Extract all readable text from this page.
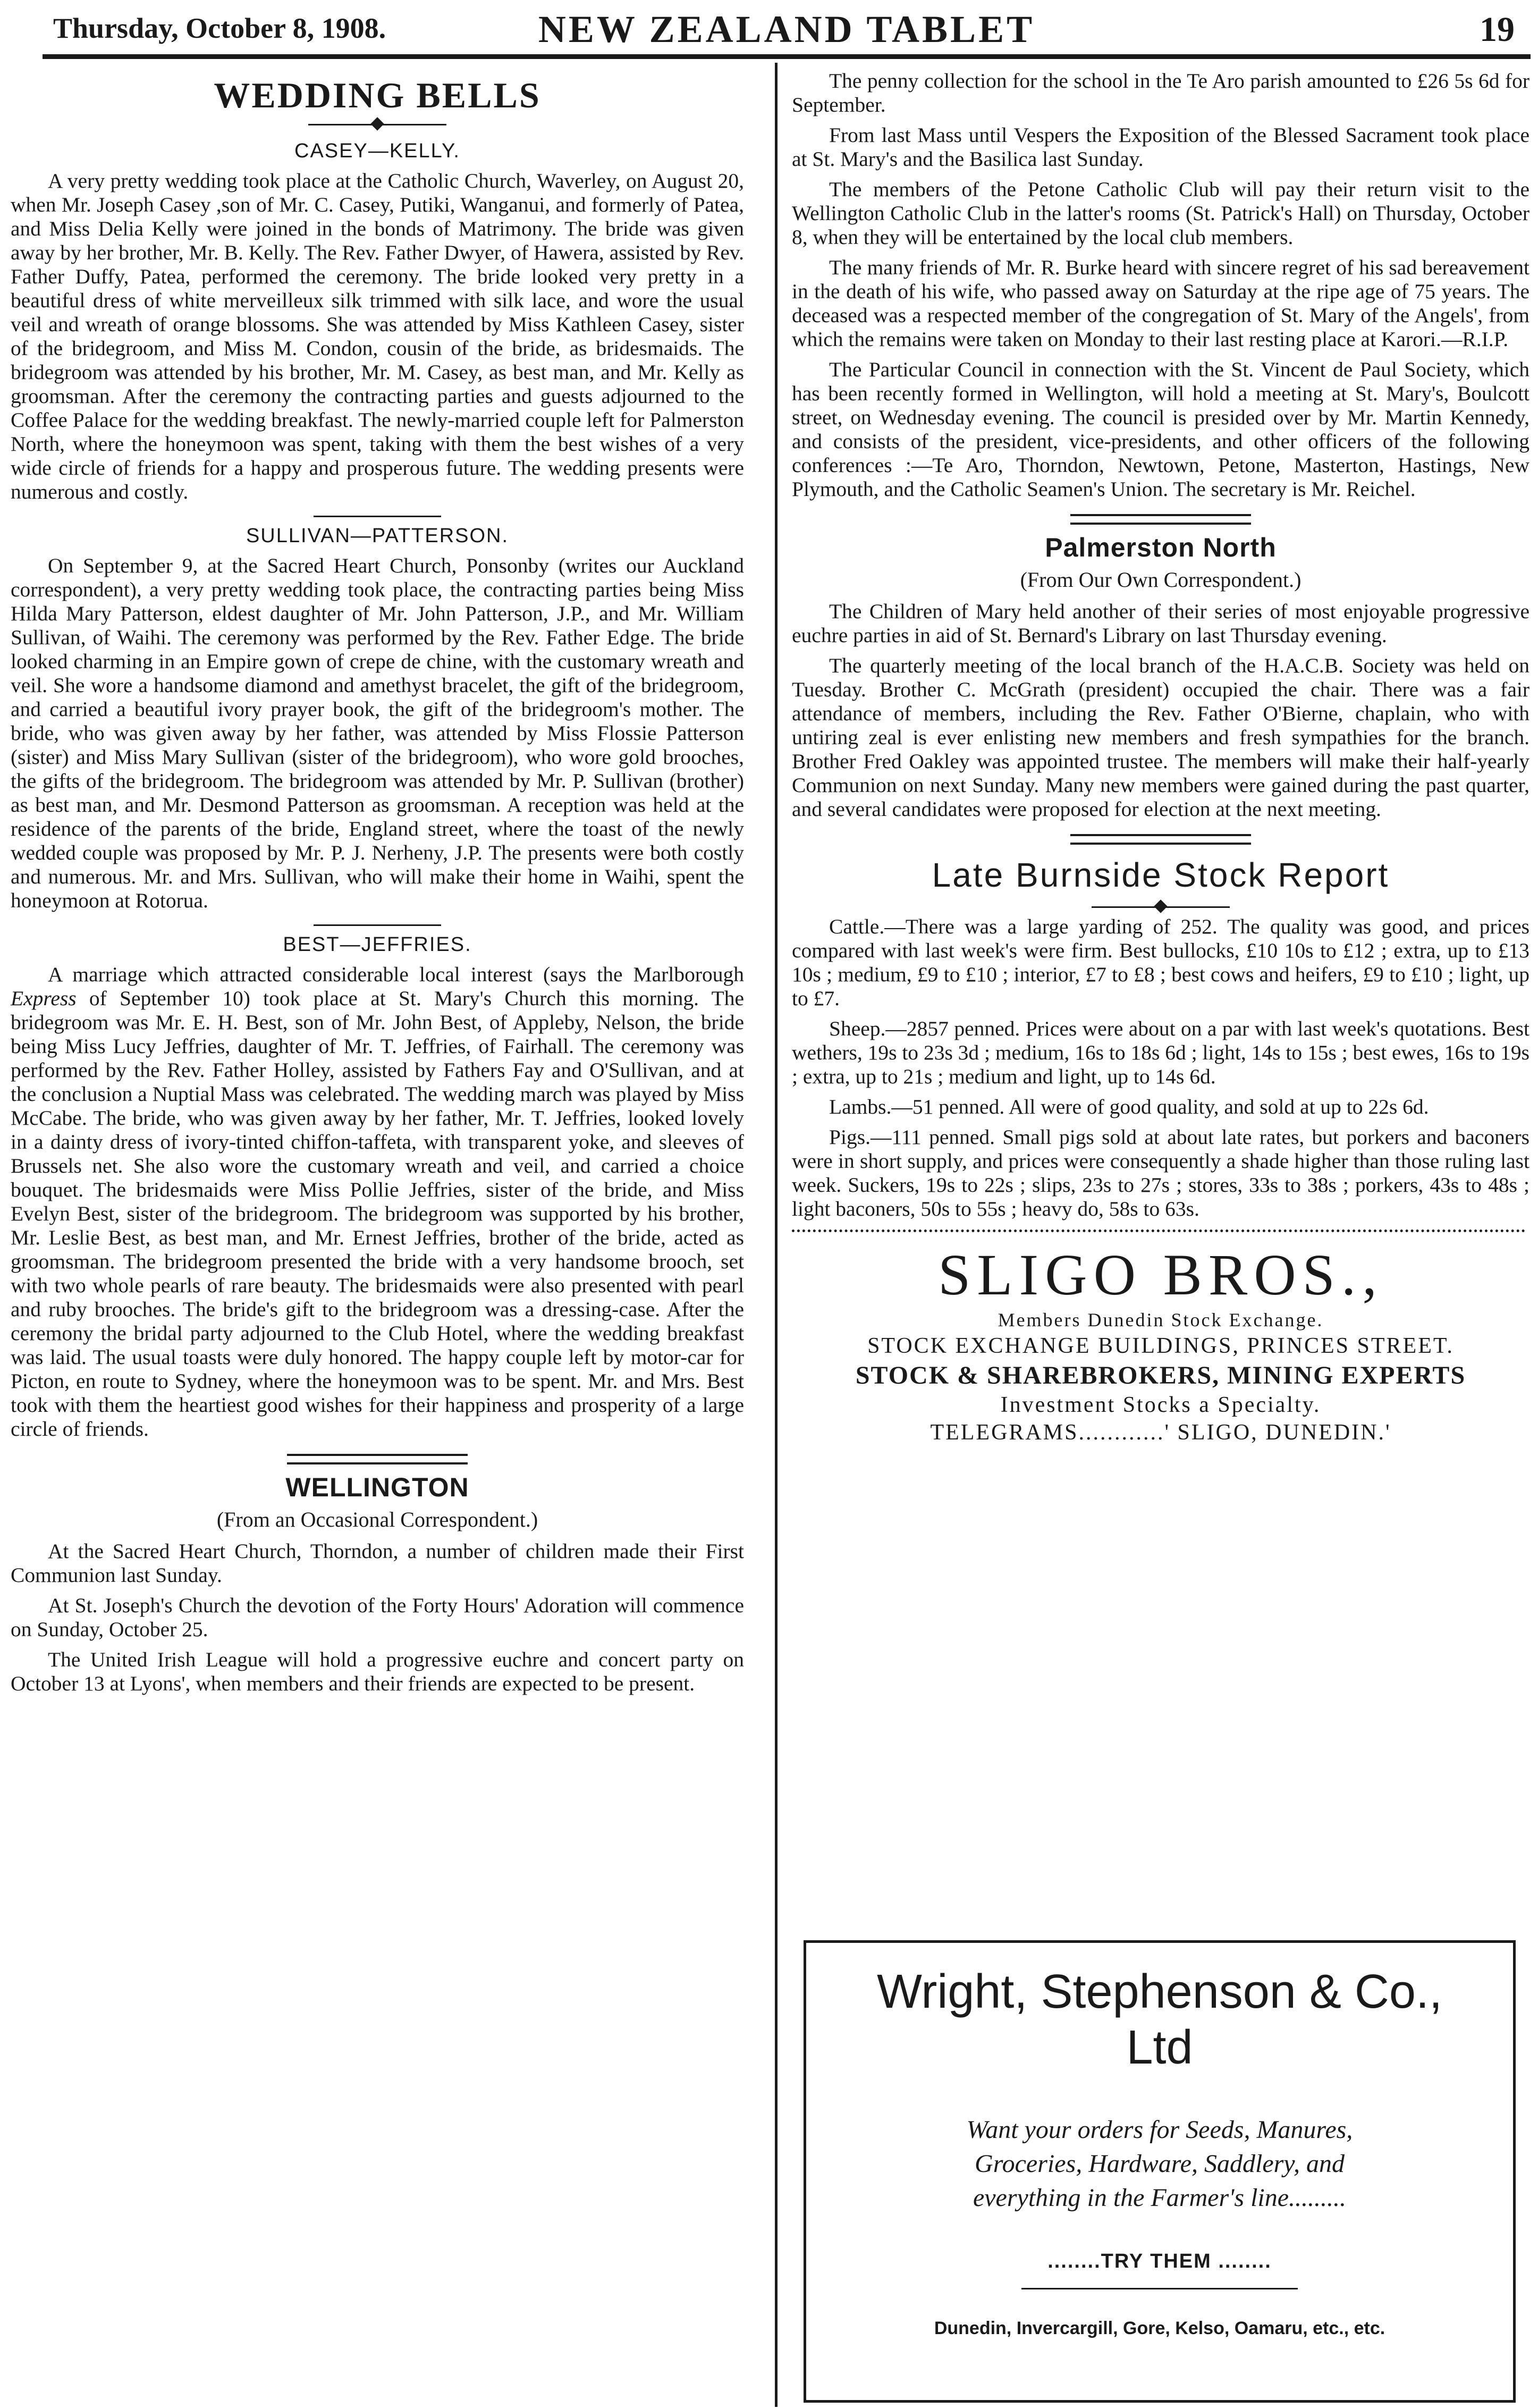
Thursday, October 8, 1908.	NEW ZEALAND TABLET	19
WEDDING BELLS
CASEY—KELLY.

A very pretty wedding took place at the Catholic Church, Waverley, on August 20, when Mr. Joseph Casey ,son of Mr. C. Casey, Putiki, Wanganui, and formerly of Patea, and Miss Delia Kelly were joined in the bonds of Matrimony. The bride was given away by her brother, Mr. B. Kelly. The Rev. Father Dwyer, of Hawera, assisted by Rev. Father Duffy, Patea, performed the ceremony. The bride looked very pretty in a beautiful dress of white merveilleux silk trimmed with silk lace, and wore the usual veil and wreath of orange blossoms. She was attended by Miss Kathleen Casey, sister of the bridegroom, and Miss M. Condon, cousin of the bride, as bridesmaids. The bridegroom was attended by his brother, Mr. M. Casey, as best man, and Mr. Kelly as groomsman. After the ceremony the contracting parties and guests adjourned to the Coffee Palace for the wedding breakfast. The newly-married couple left for Palmerston North, where the honeymoon was spent, taking with them the best wishes of a very wide circle of friends for a happy and prosperous future. The wedding presents were numerous and costly.

SULLIVAN—PATTERSON.

On September 9, at the Sacred Heart Church, Ponsonby (writes our Auckland correspondent), a very pretty wedding took place, the contracting parties being Miss Hilda Mary Patterson, eldest daughter of Mr. John Patterson, J.P., and Mr. William Sullivan, of Waihi. The ceremony was performed by the Rev. Father Edge. The bride looked charming in an Empire gown of crepe de chine, with the customary wreath and veil. She wore a handsome diamond and amethyst bracelet, the gift of the bridegroom, and carried a beautiful ivory prayer book, the gift of the bridegroom's mother. The bride, who was given away by her father, was attended by Miss Flossie Patterson (sister) and Miss Mary Sullivan (sister of the bridegroom), who wore gold brooches, the gifts of the bridegroom. The bridegroom was attended by Mr. P. Sullivan (brother) as best man, and Mr. Desmond Patterson as groomsman. A reception was held at the residence of the parents of the bride, England street, where the toast of the newly wedded couple was proposed by Mr. P. J. Nerheny, J.P. The presents were both costly and numerous. Mr. and Mrs. Sullivan, who will make their home in Waihi, spent the honeymoon at Rotorua.

BEST—JEFFRIES.

A marriage which attracted considerable local interest (says the Marlborough Express of September 10) took place at St. Mary's Church this morning. The bridegroom was Mr. E. H. Best, son of Mr. John Best, of Appleby, Nelson, the bride being Miss Lucy Jeffries, daughter of Mr. T. Jeffries, of Fairhall. The ceremony was performed by the Rev. Father Holley, assisted by Fathers Fay and O'Sullivan, and at the conclusion a Nuptial Mass was celebrated. The wedding march was played by Miss McCabe. The bride, who was given away by her father, Mr. T. Jeffries, looked lovely in a dainty dress of ivory-tinted chiffon-taffeta, with transparent yoke, and sleeves of Brussels net. She also wore the customary wreath and veil, and carried a choice bouquet. The bridesmaids were Miss Pollie Jeffries, sister of the bride, and Miss Evelyn Best, sister of the bridegroom. The bridegroom was supported by his brother, Mr. Leslie Best, as best man, and Mr. Ernest Jeffries, brother of the bride, acted as groomsman. The bridegroom presented the bride with a very handsome brooch, set with two whole pearls of rare beauty. The bridesmaids were also presented with pearl and ruby brooches. The bride's gift to the bridegroom was a dressing-case. After the ceremony the bridal party adjourned to the Club Hotel, where the wedding breakfast was laid. The usual toasts were duly honored. The happy couple left by motor-car for Picton, en route to Sydney, where the honeymoon was to be spent. Mr. and Mrs. Best took with them the heartiest good wishes for their happiness and prosperity of a large circle of friends.

WELLINGTON
(From an Occasional Correspondent.)

At the Sacred Heart Church, Thorndon, a number of children made their First Communion last Sunday.

At St. Joseph's Church the devotion of the Forty Hours' Adoration will commence on Sunday, October 25.

The United Irish League will hold a progressive euchre and concert party on October 13 at Lyons', when members and their friends are expected to be present.

The penny collection for the school in the Te Aro parish amounted to £26 5s 6d for September.

From last Mass until Vespers the Exposition of the Blessed Sacrament took place at St. Mary's and the Basilica last Sunday.

The members of the Petone Catholic Club will pay their return visit to the Wellington Catholic Club in the latter's rooms (St. Patrick's Hall) on Thursday, October 8, when they will be entertained by the local club members.

The many friends of Mr. R. Burke heard with sincere regret of his sad bereavement in the death of his wife, who passed away on Saturday at the ripe age of 75 years. The deceased was a respected member of the congregation of St. Mary of the Angels', from which the remains were taken on Monday to their last resting place at Karori.—R.I.P.

The Particular Council in connection with the St. Vincent de Paul Society, which has been recently formed in Wellington, will hold a meeting at St. Mary's, Boulcott street, on Wednesday evening. The council is presided over by Mr. Martin Kennedy, and consists of the president, vice-presidents, and other officers of the following conferences :—Te Aro, Thorndon, Newtown, Petone, Masterton, Hastings, New Plymouth, and the Catholic Seamen's Union. The secretary is Mr. Reichel.

Palmerston North
(From Our Own Correspondent.)

The Children of Mary held another of their series of most enjoyable progressive euchre parties in aid of St. Bernard's Library on last Thursday evening.

The quarterly meeting of the local branch of the H.A.C.B. Society was held on Tuesday. Brother C. McGrath (president) occupied the chair. There was a fair attendance of members, including the Rev. Father O'Bierne, chaplain, who with untiring zeal is ever enlisting new members and fresh sympathies for the branch. Brother Fred Oakley was appointed trustee. The members will make their half-yearly Communion on next Sunday. Many new members were gained during the past quarter, and several candidates were proposed for election at the next meeting.

Late Burnside Stock Report

Cattle.—There was a large yarding of 252. The quality was good, and prices compared with last week's were firm. Best bullocks, £10 10s to £12 ; extra, up to £13 10s ; medium, £9 to £10 ; interior, £7 to £8 ; best cows and heifers, £9 to £10 ; light, up to £7.

Sheep.—2857 penned. Prices were about on a par with last week's quotations. Best wethers, 19s to 23s 3d ; medium, 16s to 18s 6d ; light, 14s to 15s ; best ewes, 16s to 19s ; extra, up to 21s ; medium and light, up to 14s 6d.

Lambs.—51 penned. All were of good quality, and sold at up to 22s 6d.

Pigs.—111 penned. Small pigs sold at about late rates, but porkers and baconers were in short supply, and prices were consequently a shade higher than those ruling last week. Suckers, 19s to 22s ; slips, 23s to 27s ; stores, 33s to 38s ; porkers, 43s to 48s ; light baconers, 50s to 55s ; heavy do, 58s to 63s.

SLIGO BROS.,
Members Dunedin Stock Exchange.
STOCK EXCHANGE BUILDINGS, PRINCES STREET.
STOCK & SHAREBROKERS, MINING EXPERTS
Investment Stocks a Specialty.
TELEGRAMS............' SLIGO, DUNEDIN.'
Wright, Stephenson & Co.,
Ltd
Want your orders for Seeds, Manures,
Groceries, Hardware, Saddlery, and
everything in the Farmer's line.........
........TRY THEM ........
Dunedin, Invercargill, Gore, Kelso, Oamaru, etc., etc.
